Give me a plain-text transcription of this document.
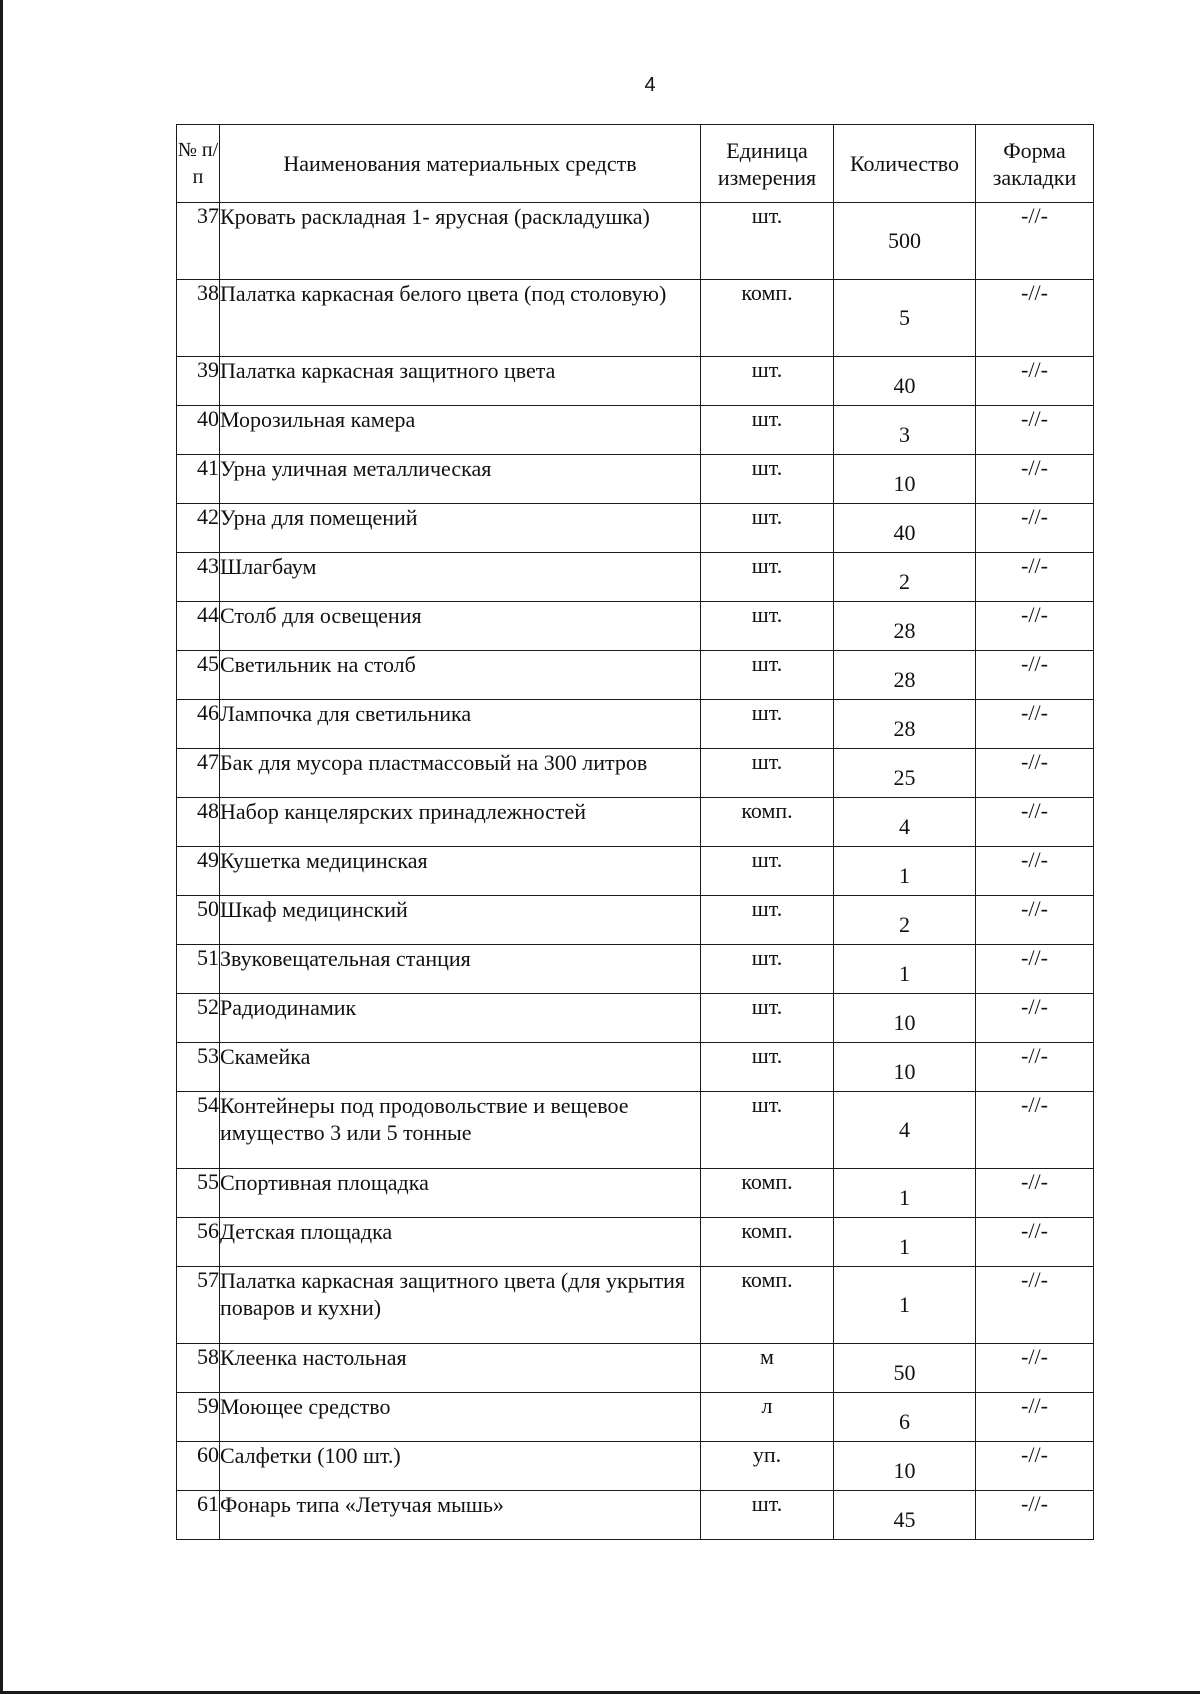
4
№ п/п	Наименования материальных средств	Единица измерения	Количество	Форма закладки
37	Кровать раскладная 1- ярусная (раскладушка)	шт.	500	-//-
38	Палатка каркасная белого цвета (под столовую)	комп.	5	-//-
39	Палатка каркасная защитного цвета	шт.	40	-//-
40	Морозильная камера	шт.	3	-//-
41	Урна уличная металлическая	шт.	10	-//-
42	Урна для помещений	шт.	40	-//-
43	Шлагбаум	шт.	2	-//-
44	Столб для освещения	шт.	28	-//-
45	Светильник на столб	шт.	28	-//-
46	Лампочка для светильника	шт.	28	-//-
47	Бак для мусора пластмассовый на 300 литров	шт.	25	-//-
48	Набор канцелярских принадлежностей	комп.	4	-//-
49	Кушетка медицинская	шт.	1	-//-
50	Шкаф медицинский	шт.	2	-//-
51	Звуковещательная станция	шт.	1	-//-
52	Радиодинамик	шт.	10	-//-
53	Скамейка	шт.	10	-//-
54	Контейнеры под продовольствие и вещевое имущество 3 или 5 тонные	шт.	4	-//-
55	Спортивная площадка	комп.	1	-//-
56	Детская площадка	комп.	1	-//-
57	Палатка каркасная защитного цвета (для укрытия поваров и кухни)	комп.	1	-//-
58	Клеенка настольная	м	50	-//-
59	Моющее средство	л	6	-//-
60	Салфетки (100 шт.)	уп.	10	-//-
61	Фонарь типа «Летучая мышь»	шт.	45	-//-
